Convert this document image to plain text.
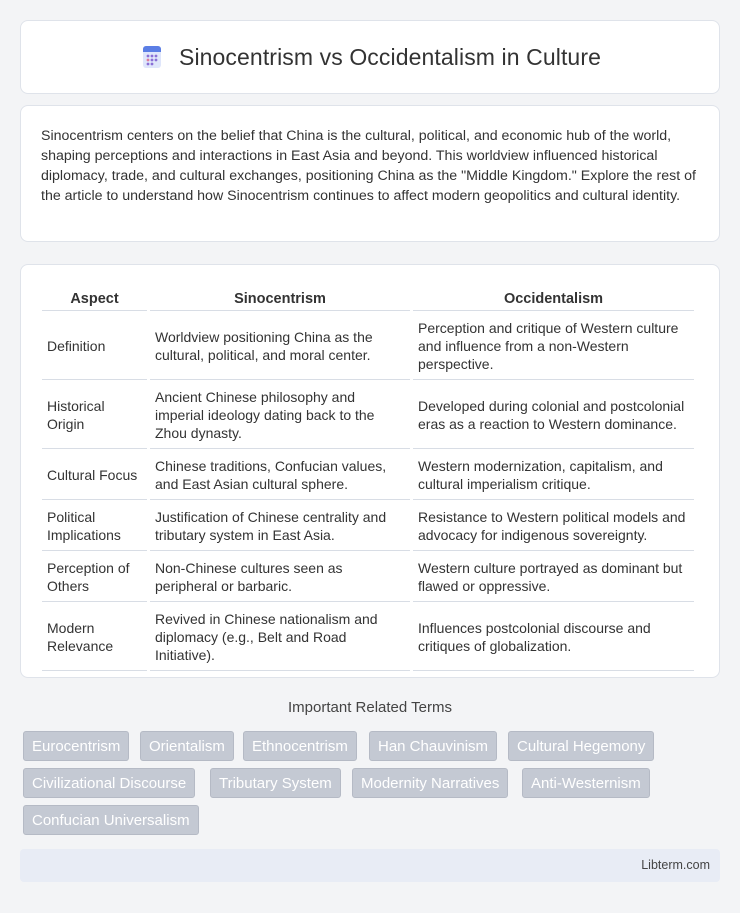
Sinocentrism vs Occidentalism in Culture

Sinocentrism centers on the belief that China is the cultural, political, and economic hub of the world, shaping perceptions and interactions in East Asia and beyond. This worldview influenced historical diplomacy, trade, and cultural exchanges, positioning China as the "Middle Kingdom." Explore the rest of the article to understand how Sinocentrism continues to affect modern geopolitics and cultural identity.

Aspect	Sinocentrism	Occidentalism
Definition	Worldview positioning China as the cultural, political, and moral center.	Perception and critique of Western culture and influence from a non-Western perspective.
Historical Origin	Ancient Chinese philosophy and imperial ideology dating back to the Zhou dynasty.	Developed during colonial and postcolonial eras as a reaction to Western dominance.
Cultural Focus	Chinese traditions, Confucian values, and East Asian cultural sphere.	Western modernization, capitalism, and cultural imperialism critique.
Political Implications	Justification of Chinese centrality and tributary system in East Asia.	Resistance to Western political models and advocacy for indigenous sovereignty.
Perception of Others	Non-Chinese cultures seen as peripheral or barbaric.	Western culture portrayed as dominant but flawed or oppressive.
Modern Relevance	Revived in Chinese nationalism and diplomacy (e.g., Belt and Road Initiative).	Influences postcolonial discourse and critiques of globalization.
Important Related Terms
Eurocentrism	Orientalism	Ethnocentrism	Han Chauvinism	Cultural Hegemony
Civilizational Discourse	Tributary System	Modernity Narratives	Anti-Westernism
Confucian Universalism
Libterm.com
